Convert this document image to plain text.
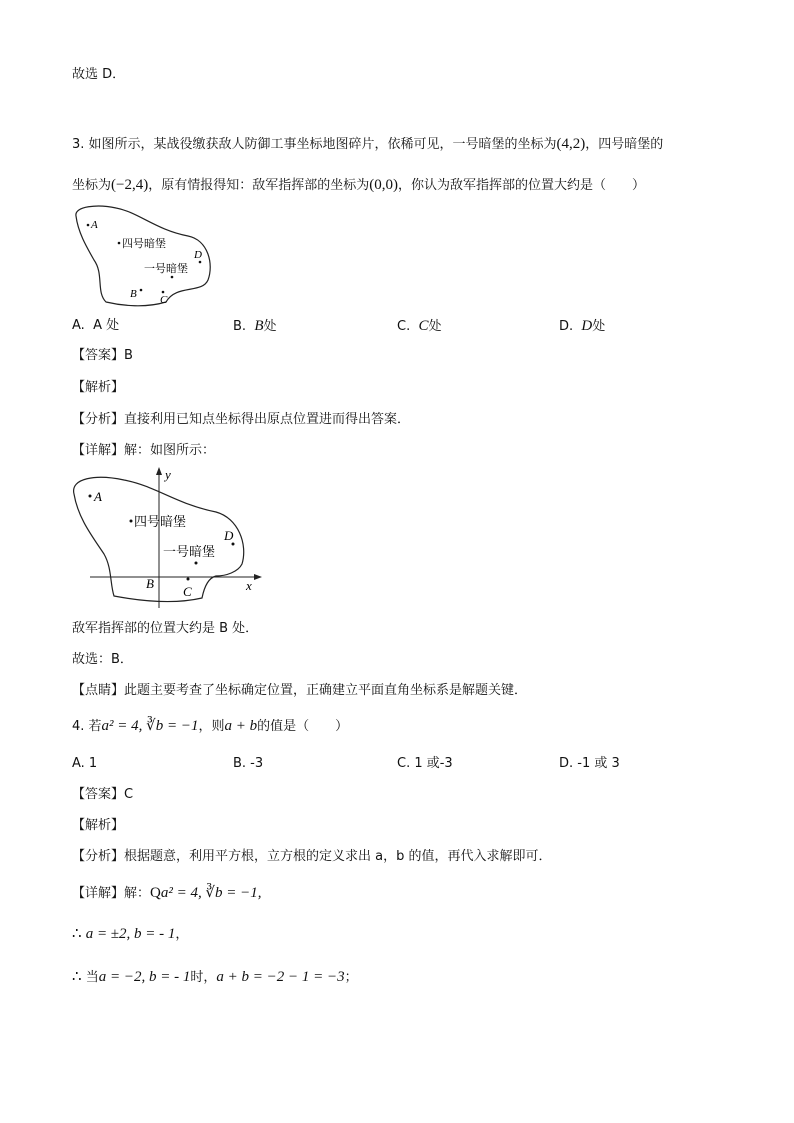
故选 D．
3. 如图所示，某战役缴获敌人防御工事坐标地图碎片，依稀可见，一号暗堡的坐标为(4,2)，四号暗堡的
坐标为(−2,4)，原有情报得知：敌军指挥部的坐标为(0,0)，你认为敌军指挥部的位置大约是（　　）
A
四号暗堡
D
一号暗堡
B C
A. A 处	B. B处	C. C处	D. D处
【答案】B
【解析】
【分析】直接利用已知点坐标得出原点位置进而得出答案．
【详解】解：如图所示：
y
x
A
四号暗堡
D
一号暗堡
B
C
敌军指挥部的位置大约是 B 处．
故选：B．
【点睛】此题主要考查了坐标确定位置，正确建立平面直角坐标系是解题关键．
4. 若a² = 4, ∛b = −1，则a + b的值是（　　）
A. 1	B. -3	C. 1 或-3	D. -1 或 3
【答案】C
【解析】
【分析】根据题意，利用平方根，立方根的定义求出 a，b 的值，再代入求解即可．
【详解】解：Qa² = 4, ∛b = −1,
∴ a = ±2, b = - 1，
∴ 当a = −2, b = - 1时，a + b = −2 − 1 = −3；
